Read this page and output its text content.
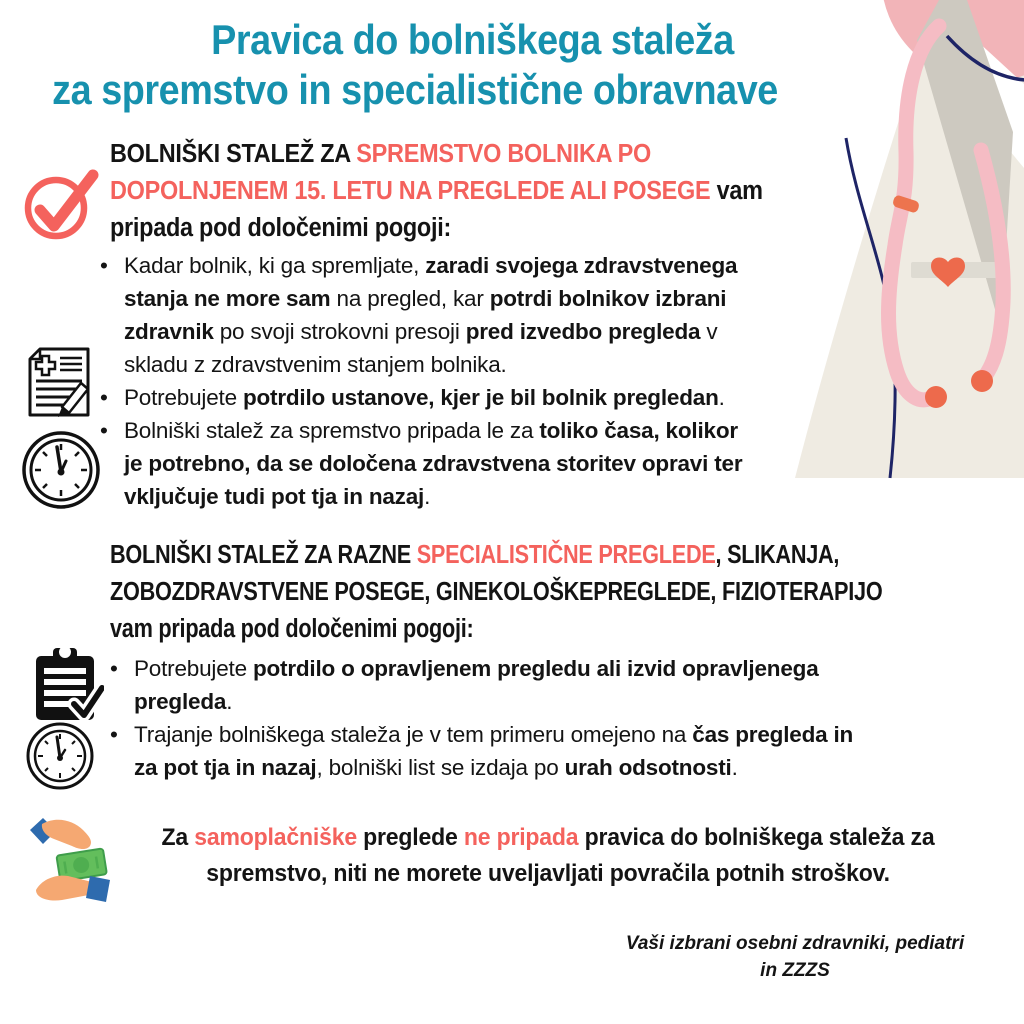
Pravica do bolniškega staleža
za spremstvo in specialistične obravnave

BOLNIŠKI STALEŽ ZA SPREMSTVO BOLNIKA PO
DOPOLNJENEM 15. LETU NA PREGLEDE ALI POSEGE vam
pripada pod določenimi pogoji:

• Kadar bolnik, ki ga spremljate, zaradi svojega zdravstvenega
stanja ne more sam na pregled, kar potrdi bolnikov izbrani
zdravnik po svoji strokovni presoji pred izvedbo pregleda v
skladu z zdravstvenim stanjem bolnika.

• Potrebujete potrdilo ustanove, kjer je bil bolnik pregledan.

• Bolniški stalež za spremstvo pripada le za toliko časa, kolikor
je potrebno, da se določena zdravstvena storitev opravi ter
vključuje tudi pot tja in nazaj.

BOLNIŠKI STALEŽ ZA RAZNE SPECIALISTIČNE PREGLEDE, SLIKANJA,
ZOBOZDRAVSTVENE POSEGE, GINEKOLOŠKEPREGLEDE, FIZIOTERAPIJO
vam pripada pod določenimi pogoji:

• Potrebujete potrdilo o opravljenem pregledu ali izvid opravljenega
pregleda.

• Trajanje bolniškega staleža je v tem primeru omejeno na čas pregleda in
za pot tja in nazaj, bolniški list se izdaja po urah odsotnosti.

Za samoplačniške preglede ne pripada pravica do bolniškega staleža za
spremstvo, niti ne morete uveljavljati povračila potnih stroškov.

Vaši izbrani osebni zdravniki, pediatri
in ZZZS
